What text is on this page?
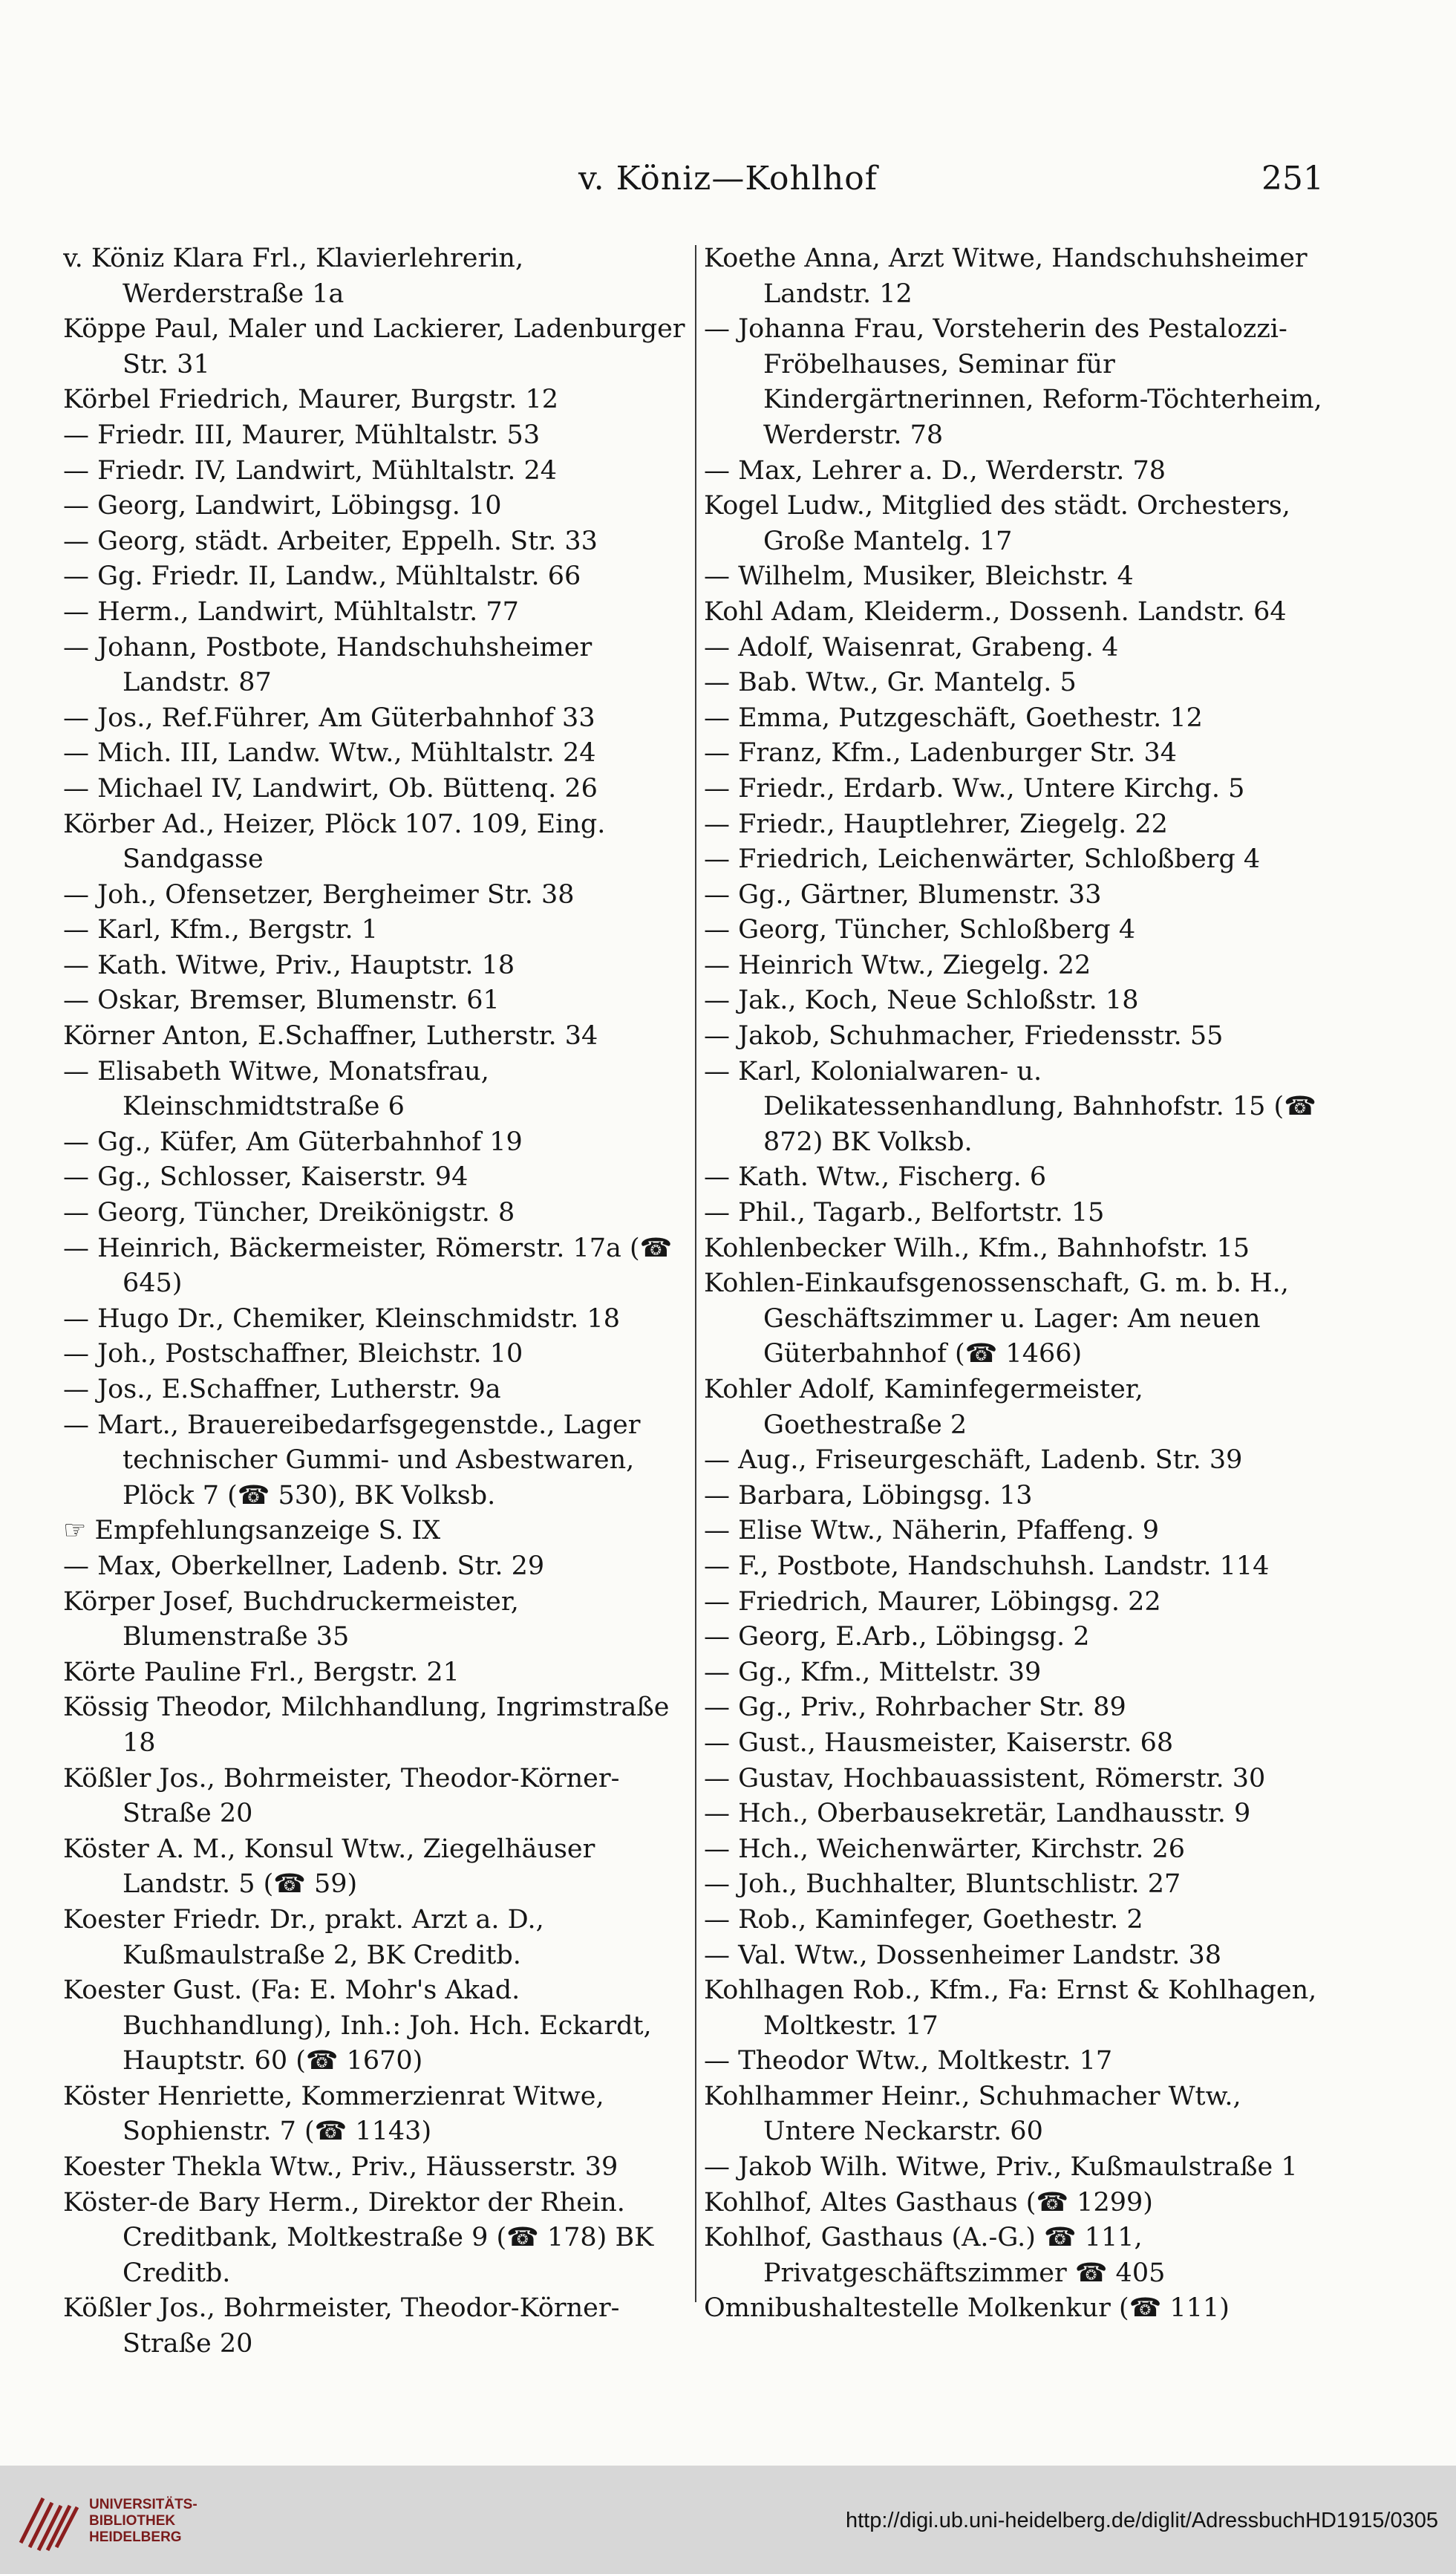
v. Köniz—Kohlhof	251
v. Köniz Klara Frl., Klavierlehrerin, Werderstraße 1a
Köppe Paul, Maler und Lackierer, Ladenburger Str. 31
Körbel Friedrich, Maurer, Burgstr. 12
— Friedr. III, Maurer, Mühltalstr. 53
— Friedr. IV, Landwirt, Mühltalstr. 24
— Georg, Landwirt, Löbingsg. 10
— Georg, städt. Arbeiter, Eppelh. Str. 33
— Gg. Friedr. II, Landw., Mühltalstr. 66
— Herm., Landwirt, Mühltalstr. 77
— Johann, Postbote, Handschuhsheimer Landstr. 87
— Jos., Ref.Führer, Am Güterbahnhof 33
— Mich. III, Landw. Wtw., Mühltalstr. 24
— Michael IV, Landwirt, Ob. Büttenq. 26
Körber Ad., Heizer, Plöck 107. 109, Eing. Sandgasse
— Joh., Ofensetzer, Bergheimer Str. 38
— Karl, Kfm., Bergstr. 1
— Kath. Witwe, Priv., Hauptstr. 18
— Oskar, Bremser, Blumenstr. 61
Körner Anton, E.Schaffner, Lutherstr. 34
— Elisabeth Witwe, Monatsfrau, Kleinschmidtstraße 6
— Gg., Küfer, Am Güterbahnhof 19
— Gg., Schlosser, Kaiserstr. 94
— Georg, Tüncher, Dreikönigstr. 8
— Heinrich, Bäckermeister, Römerstr. 17a (☎ 645)
— Hugo Dr., Chemiker, Kleinschmidstr. 18
— Joh., Postschaffner, Bleichstr. 10
— Jos., E.Schaffner, Lutherstr. 9a
— Mart., Brauereibedarfsgegenstde., Lager technischer Gummi- und Asbestwaren, Plöck 7 (☎ 530), BK Volksb.
☞ Empfehlungsanzeige S. IX
— Max, Oberkellner, Ladenb. Str. 29
Körper Josef, Buchdruckermeister, Blumenstraße 35
Körte Pauline Frl., Bergstr. 21
Kössig Theodor, Milchhandlung, Ingrimstraße 18
Kößler Jos., Bohrmeister, Theodor-Körner-Straße 20
Köster A. M., Konsul Wtw., Ziegelhäuser Landstr. 5 (☎ 59)
Koester Friedr. Dr., prakt. Arzt a. D., Kußmaulstraße 2, BK Creditb.
Koester Gust. (Fa: E. Mohr's Akad. Buchhandlung), Inh.: Joh. Hch. Eckardt, Hauptstr. 60 (☎ 1670)
Köster Henriette, Kommerzienrat Witwe, Sophienstr. 7 (☎ 1143)
Koester Thekla Wtw., Priv., Häusserstr. 39
Köster-de Bary Herm., Direktor der Rhein. Creditbank, Moltkestraße 9 (☎ 178) BK Creditb.
Kößler Jos., Bohrmeister, Theodor-Körner-Straße 20
Koethe Anna, Arzt Witwe, Handschuhsheimer Landstr. 12
— Johanna Frau, Vorsteherin des Pestalozzi-Fröbelhauses, Seminar für Kindergärtnerinnen, Reform-Töchterheim, Werderstr. 78
— Max, Lehrer a. D., Werderstr. 78
Kogel Ludw., Mitglied des städt. Orchesters, Große Mantelg. 17
— Wilhelm, Musiker, Bleichstr. 4
Kohl Adam, Kleiderm., Dossenh. Landstr. 64
— Adolf, Waisenrat, Grabeng. 4
— Bab. Wtw., Gr. Mantelg. 5
— Emma, Putzgeschäft, Goethestr. 12
— Franz, Kfm., Ladenburger Str. 34
— Friedr., Erdarb. Ww., Untere Kirchg. 5
— Friedr., Hauptlehrer, Ziegelg. 22
— Friedrich, Leichenwärter, Schloßberg 4
— Gg., Gärtner, Blumenstr. 33
— Georg, Tüncher, Schloßberg 4
— Heinrich Wtw., Ziegelg. 22
— Jak., Koch, Neue Schloßstr. 18
— Jakob, Schuhmacher, Friedensstr. 55
— Karl, Kolonialwaren- u. Delikatessenhandlung, Bahnhofstr. 15 (☎ 872) BK Volksb.
— Kath. Wtw., Fischerg. 6
— Phil., Tagarb., Belfortstr. 15
Kohlenbecker Wilh., Kfm., Bahnhofstr. 15
Kohlen-Einkaufsgenossenschaft, G. m. b. H., Geschäftszimmer u. Lager: Am neuen Güterbahnhof (☎ 1466)
Kohler Adolf, Kaminfegermeister, Goethestraße 2
— Aug., Friseurgeschäft, Ladenb. Str. 39
— Barbara, Löbingsg. 13
— Elise Wtw., Näherin, Pfaffeng. 9
— F., Postbote, Handschuhsh. Landstr. 114
— Friedrich, Maurer, Löbingsg. 22
— Georg, E.Arb., Löbingsg. 2
— Gg., Kfm., Mittelstr. 39
— Gg., Priv., Rohrbacher Str. 89
— Gust., Hausmeister, Kaiserstr. 68
— Gustav, Hochbauassistent, Römerstr. 30
— Hch., Oberbausekretär, Landhausstr. 9
— Hch., Weichenwärter, Kirchstr. 26
— Joh., Buchhalter, Bluntschlistr. 27
— Rob., Kaminfeger, Goethestr. 2
— Val. Wtw., Dossenheimer Landstr. 38
Kohlhagen Rob., Kfm., Fa: Ernst & Kohlhagen, Moltkestr. 17
— Theodor Wtw., Moltkestr. 17
Kohlhammer Heinr., Schuhmacher Wtw., Untere Neckarstr. 60
— Jakob Wilh. Witwe, Priv., Kußmaulstraße 1
Kohlhof, Altes Gasthaus (☎ 1299)
Kohlhof, Gasthaus (A.-G.) ☎ 111, Privatgeschäftszimmer ☎ 405
Omnibushaltestelle Molkenkur (☎ 111)
UNIVERSITÄTS-
BIBLIOTHEK
HEIDELBERG
http://digi.ub.uni-heidelberg.de/diglit/AdressbuchHD1915/0305
